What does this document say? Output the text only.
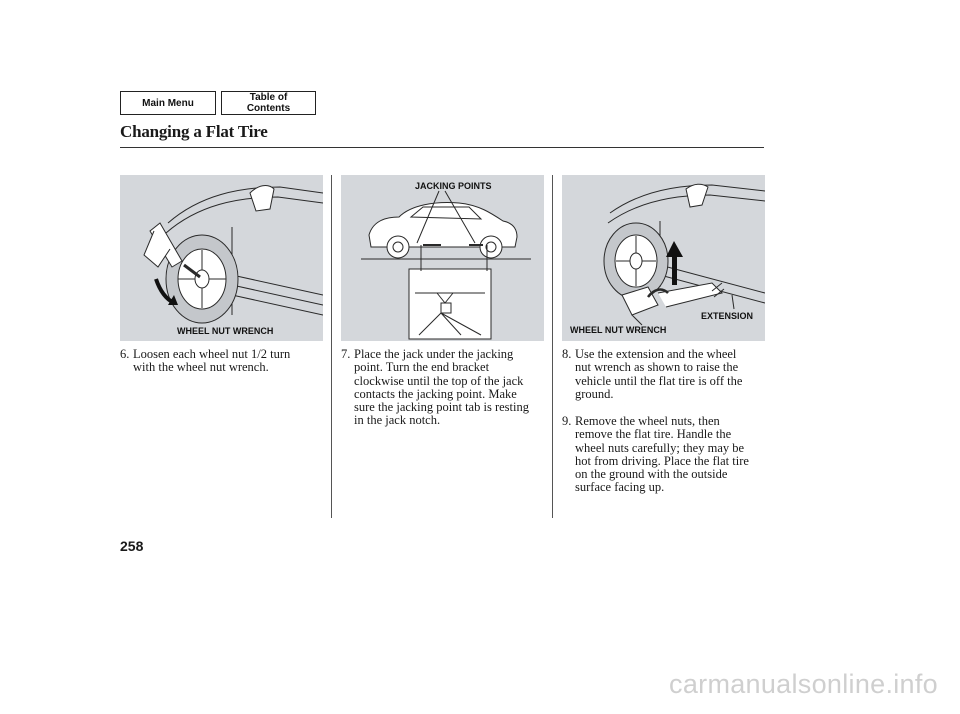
Main Menu	Table of Contents
Changing a Flat Tire
WHEEL NUT WRENCH
JACKING POINTS
WHEEL NUT WRENCH
EXTENSION
6. Loosen each wheel nut 1/2 turn with the wheel nut wrench.
7. Place the jack under the jacking point. Turn the end bracket clockwise until the top of the jack contacts the jacking point. Make sure the jacking point tab is resting in the jack notch.
8. Use the extension and the wheel nut wrench as shown to raise the vehicle until the flat tire is off the ground.
9. Remove the wheel nuts, then remove the flat tire. Handle the wheel nuts carefully; they may be hot from driving. Place the flat tire on the ground with the outside surface facing up.
258
carmanualsonline.info
